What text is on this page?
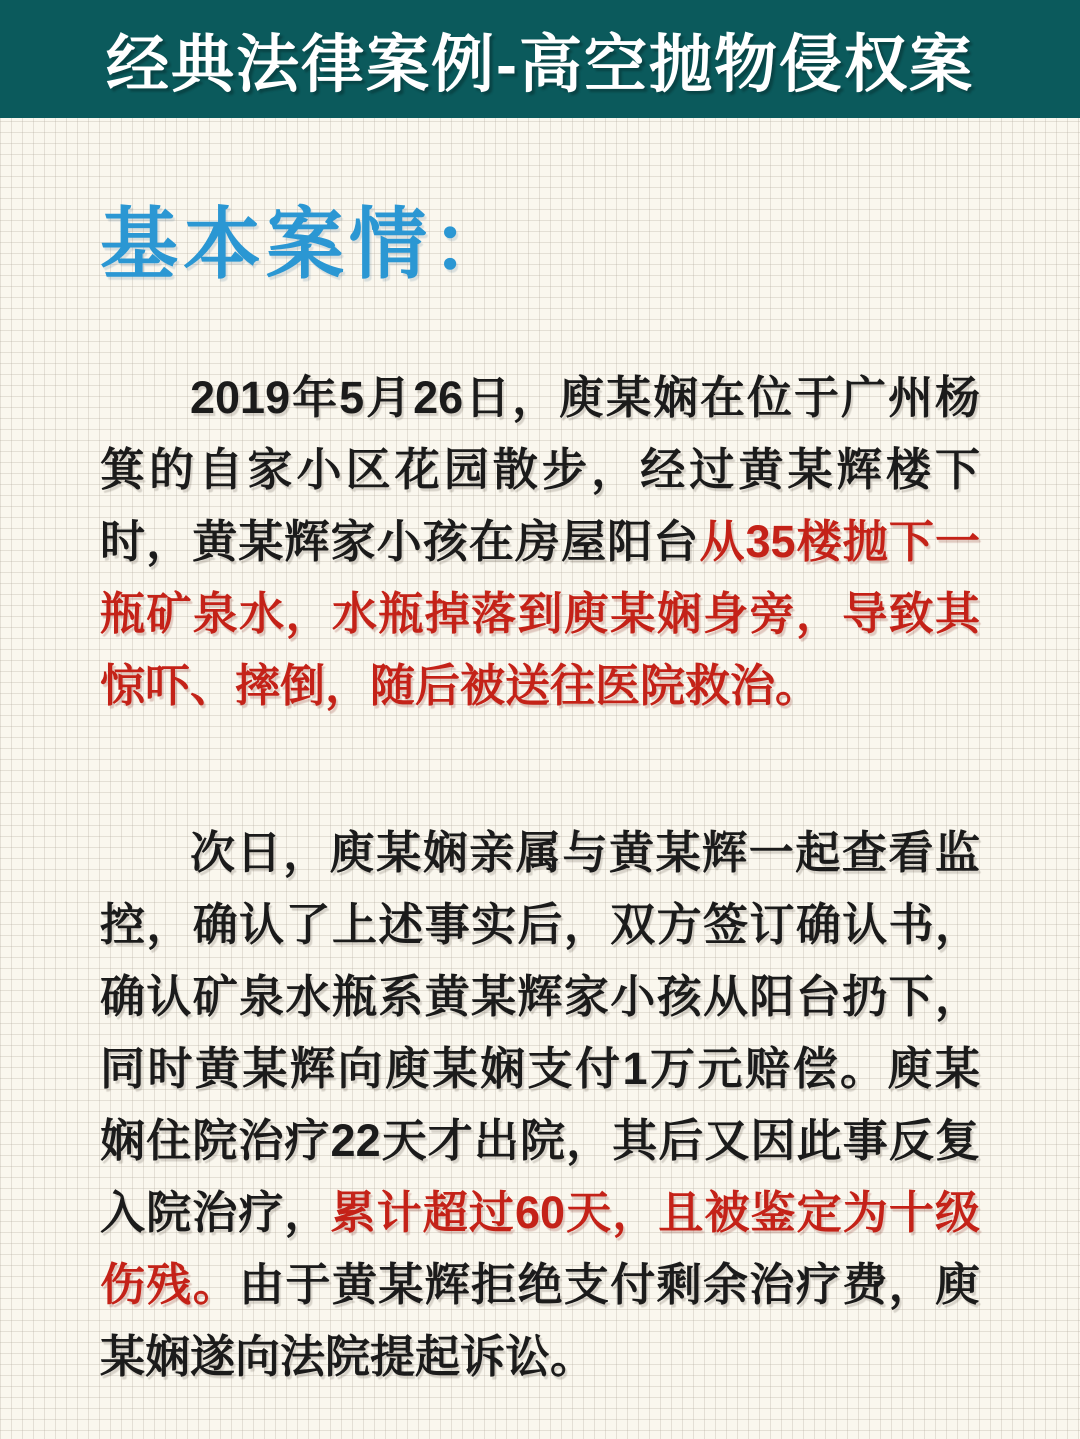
经典法律案例-高空抛物侵权案
基本案情：

2019年5月26日，庾某娴在位于广州杨箕的自家小区花园散步，经过黄某辉楼下时，黄某辉家小孩在房屋阳台从35楼抛下一瓶矿泉水，水瓶掉落到庾某娴身旁，导致其惊吓、摔倒，随后被送往医院救治。

次日，庾某娴亲属与黄某辉一起查看监控，确认了上述事实后，双方签订确认书，确认矿泉水瓶系黄某辉家小孩从阳台扔下，同时黄某辉向庾某娴支付1万元赔偿。庾某娴住院治疗22天才出院，其后又因此事反复入院治疗，累计超过60天，且被鉴定为十级伤残。由于黄某辉拒绝支付剩余治疗费，庾某娴遂向法院提起诉讼。
